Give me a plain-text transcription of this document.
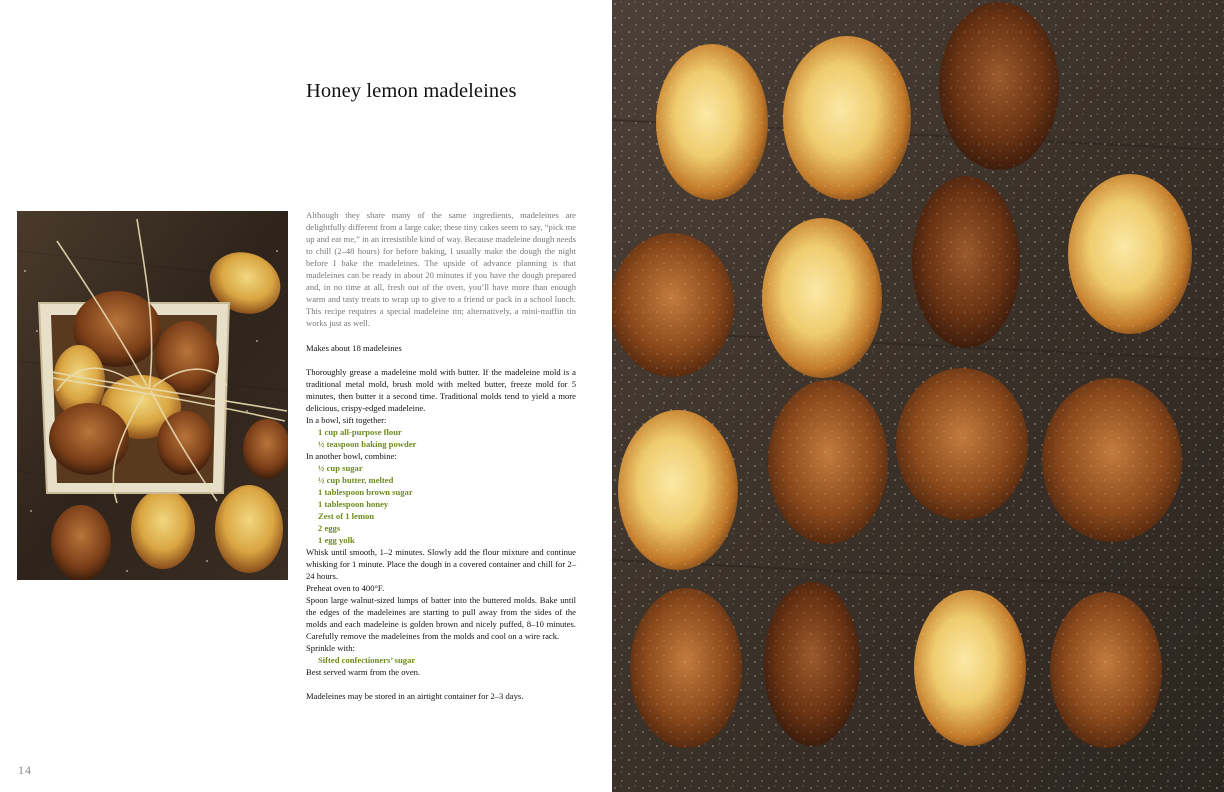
Honey lemon madeleines

Although they share many of the same ingredients, madeleines are delightfully different from a large cake; these tiny cakes seem to say, “pick me up and eat me,” in an irresistible kind of way. Because madeleine dough needs to chill (2–48 hours) for before baking, I usually make the dough the night before I bake the madeleines. The upside of advance planning is that madeleines can be ready in about 20 minutes if you have the dough prepared and, in no time at all, fresh out of the oven, you’ll have more than enough warm and tasty treats to wrap up to give to a friend or pack in a school lunch. This recipe requires a special madeleine tin; alternatively, a mini-muffin tin works just as well.

Makes about 18 madeleines

Thoroughly grease a madeleine mold with butter. If the madeleine mold is a traditional metal mold, brush mold with melted butter, freeze mold for 5 minutes, then butter it a second time. Traditional molds tend to yield a more delicious, crispy-edged madeleine.

In a bowl, sift together:

1 cup all-purpose flour
½ teaspoon baking powder

In another bowl, combine:

½ cup sugar
½ cup butter, melted
1 tablespoon brown sugar
1 tablespoon honey
Zest of 1 lemon
2 eggs
1 egg yolk

Whisk until smooth, 1–2 minutes. Slowly add the flour mixture and continue whisking for 1 minute. Place the dough in a covered container and chill for 2–24 hours.

Preheat oven to 400°F.

Spoon large walnut-sized lumps of batter into the buttered molds. Bake until the edges of the madeleines are starting to pull away from the sides of the molds and each madeleine is golden brown and nicely puffed, 8–10 minutes. Carefully remove the madeleines from the molds and cool on a wire rack.

Sprinkle with:

Sifted confectioners’ sugar

Best served warm from the oven.

Madeleines may be stored in an airtight container for 2–3 days.

14
